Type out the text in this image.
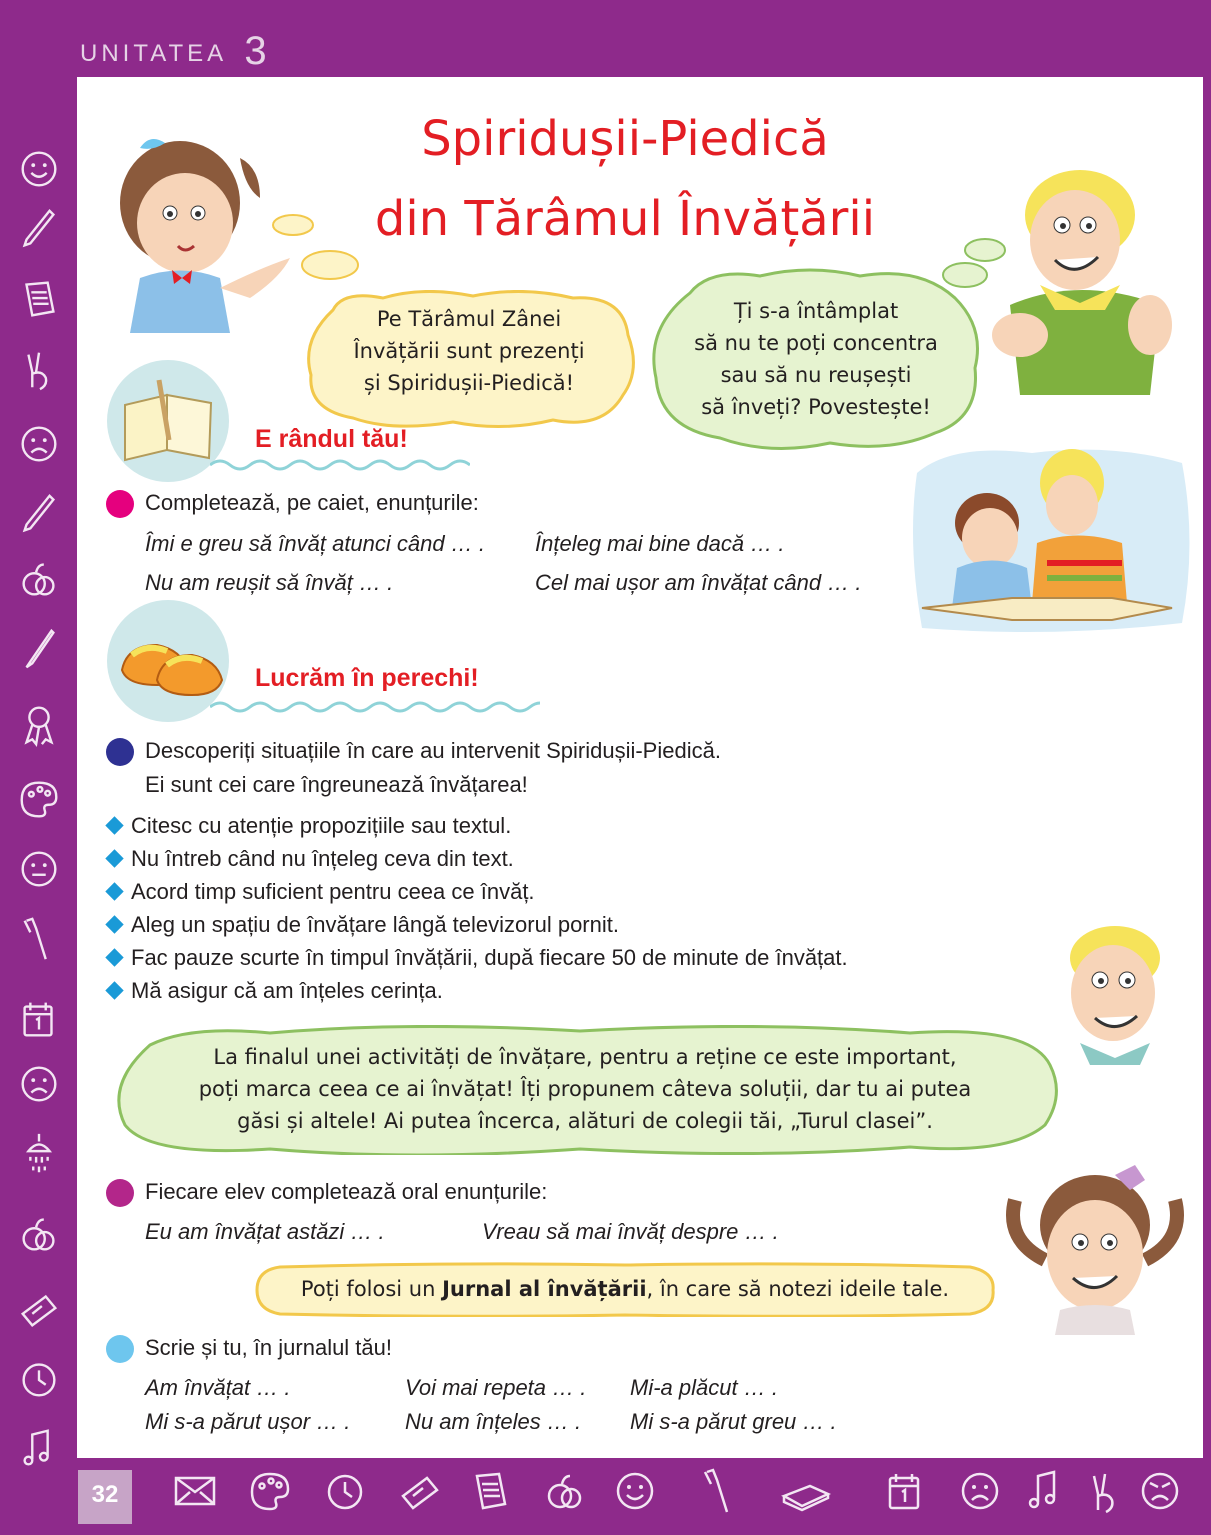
UNITATEA 3
32
Spiridușii-Piedică
din Tărâmul Învățării
Pe Tărâmul Zânei
Învățării sunt prezenți
și Spiridușii-Piedică!
Ți s-a întâmplat
să nu te poți concentra
sau să nu reușești
să înveți? Povestește!
E rândul tău!
Completează, pe caiet, enunțurile:
Îmi e greu să învăț atunci când … . Înțeleg mai bine dacă … .
Nu am reușit să învăț … .	Cel mai ușor am învățat când … .
Lucrăm în perechi!
Descoperiți situațiile în care au intervenit Spiridușii-Piedică.
Ei sunt cei care îngreunează învățarea!
Citesc cu atenție propozițiile sau textul.
Nu întreb când nu înțeleg ceva din text.
Acord timp suficient pentru ceea ce învăț.
Aleg un spațiu de învățare lângă televizorul pornit.
Fac pauze scurte în timpul învățării, după fiecare 50 de minute de învățat.
Mă asigur că am înțeles cerința.
La finalul unei activități de învățare, pentru a reține ce este important,
poți marca ceea ce ai învățat! Îți propunem câteva soluții, dar tu ai putea
găsi și altele! Ai putea încerca, alături de colegii tăi, „Turul clasei”.
Fiecare elev completează oral enunțurile:
Eu am învățat astăzi … .	Vreau să mai învăț despre … .
Poți folosi un Jurnal al învățării, în care să notezi ideile tale.
Scrie și tu, în jurnalul tău!
Am învățat … .	Voi mai repeta … . Mi-a plăcut … .
Mi s-a părut ușor … . Nu am înțeles … . Mi s-a părut greu … .
